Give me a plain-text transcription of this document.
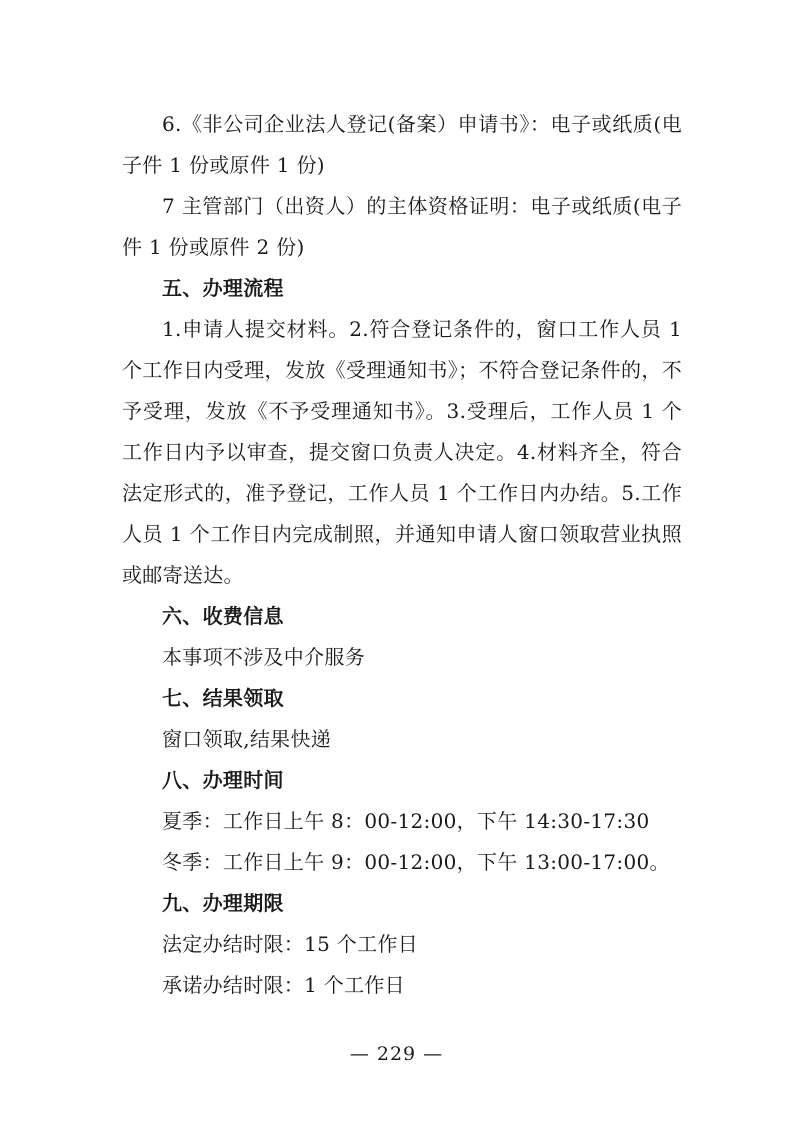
6.《非公司企业法人登记(备案）申请书》：电子或纸质(电子件 1 份或原件 1 份)

7 主管部门（出资人）的主体资格证明：电子或纸质(电子件 1 份或原件 2 份)

五、办理流程

1.申请人提交材料。2.符合登记条件的，窗口工作人员 1 个工作日内受理，发放《受理通知书》；不符合登记条件的，不予受理，发放《不予受理通知书》。3.受理后，工作人员 1 个工作日内予以审查，提交窗口负责人决定。4.材料齐全，符合法定形式的，准予登记，工作人员 1 个工作日内办结。5.工作人员 1 个工作日内完成制照，并通知申请人窗口领取营业执照或邮寄送达。

六、收费信息

本事项不涉及中介服务

七、结果领取

窗口领取,结果快递

八、办理时间

夏季：工作日上午 8：00-12:00，下午 14:30-17:30

冬季：工作日上午 9：00-12:00，下午 13:00-17:00。

九、办理期限

法定办结时限：15 个工作日

承诺办结时限：1 个工作日

— 229 —
